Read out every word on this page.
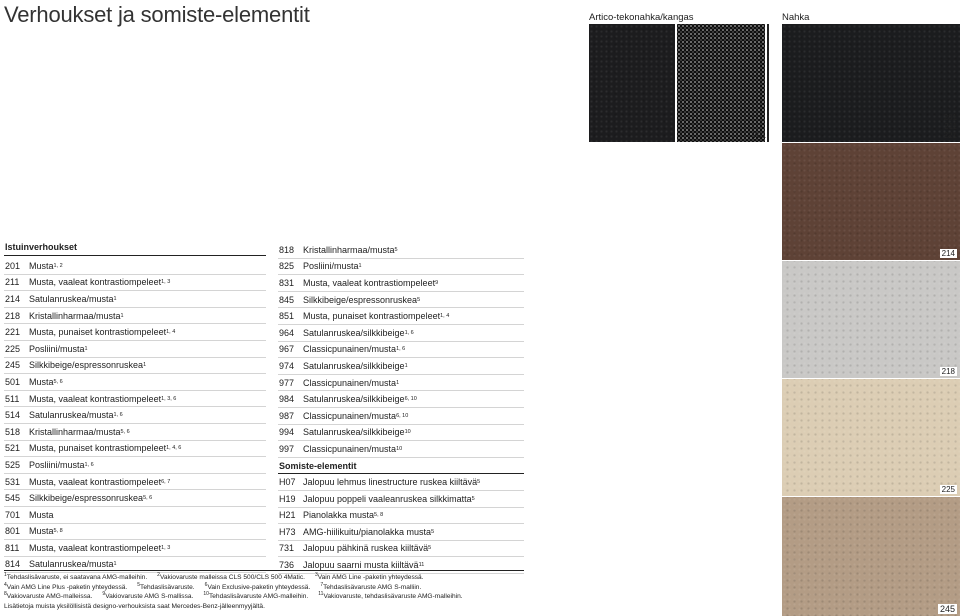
Verhoukset ja somiste-elementit	Artico-tekonahka/kangas	Nahka
701
201
211
221
214
218
225
Istuinverhoukset
201 Musta 1, 2
211	Musta, vaaleat kontrastiompeleet 1, 3
214 Satulanruskea/musta 1
218 Kristallinharmaa/musta 1
221 Musta, punaiset kontrastiompeleet 1, 4
225 Posliini/musta 1
245 Silkkibeige/espressonruskea 1
501 Musta 5, 6
511	Musta, vaaleat kontrastiompeleet 1, 3, 6
514 Satulanruskea/musta 1, 6
518 Kristallinharmaa/musta 5, 6
521 Musta, punaiset kontrastiompeleet 1, 4, 6
525 Posliini/musta 1, 6
531 Musta, vaaleat kontrastiompeleet 6, 7
545 Silkkibeige/espressonruskea 5, 6
701 Musta
801 Musta 5, 8
811	Musta, vaaleat kontrastiompeleet 1, 3
814 Satulanruskea/musta 1
818 Kristallinharmaa/musta 5
825 Posliini/musta 1
831 Musta, vaaleat kontrastiompeleet 9
845 Silkkibeige/espressonruskea 5
851 Musta, punaiset kontrastiompeleet 1, 4
964 Satulanruskea/silkkibeige 1, 6
967 Classicpunainen/musta 1, 6
974 Satulanruskea/silkkibeige 1
977 Classicpunainen/musta 1
984 Satulanruskea/silkkibeige 6, 10
987 Classicpunainen/musta 6, 10
994 Satulanruskea/silkkibeige 10
997 Classicpunainen/musta 10
Somiste-elementit
H07 Jalopuu lehmus linestructure ruskea kiiltävä 5
H19 Jalopuu poppeli vaaleanruskea silkkimatta 5
H21 Pianolakka musta 5, 8
H73 AMG-hiilikuitu/pianolakka musta 5
731 Jalopuu pähkinä ruskea kiiltävä 5
736 Jalopuu saarni musta kiiltävä 11
$^1$Tehdaslisävaruste, ei saatavana AMG-malleihin. $^2$Vakiovaruste malleissa CLS 500/CLS 500 4Matic. $^3$Vain AMG Line -paketin yhteydessä.
$^4$Vain AMG Line Plus -paketin yhteydessä. $^5$Tehdaslisävaruste. $^6$Vain Exclusive-paketin yhteydessä. $^7$Tehdaslisävaruste AMG S-malliin.
$^8$Vakiovaruste AMG-malleissa. $^9$Vakiovaruste AMG S-mallissa. $^{10}$Tehdaslisävaruste AMG-malleihin. $^{11}$Vakiovaruste, tehdaslisävaruste AMG-malleihin.
Lisätietoja muista yksilöllisistä designo-verhouksista saat Mercedes-Benz-jälleenmyyjältä.	245
